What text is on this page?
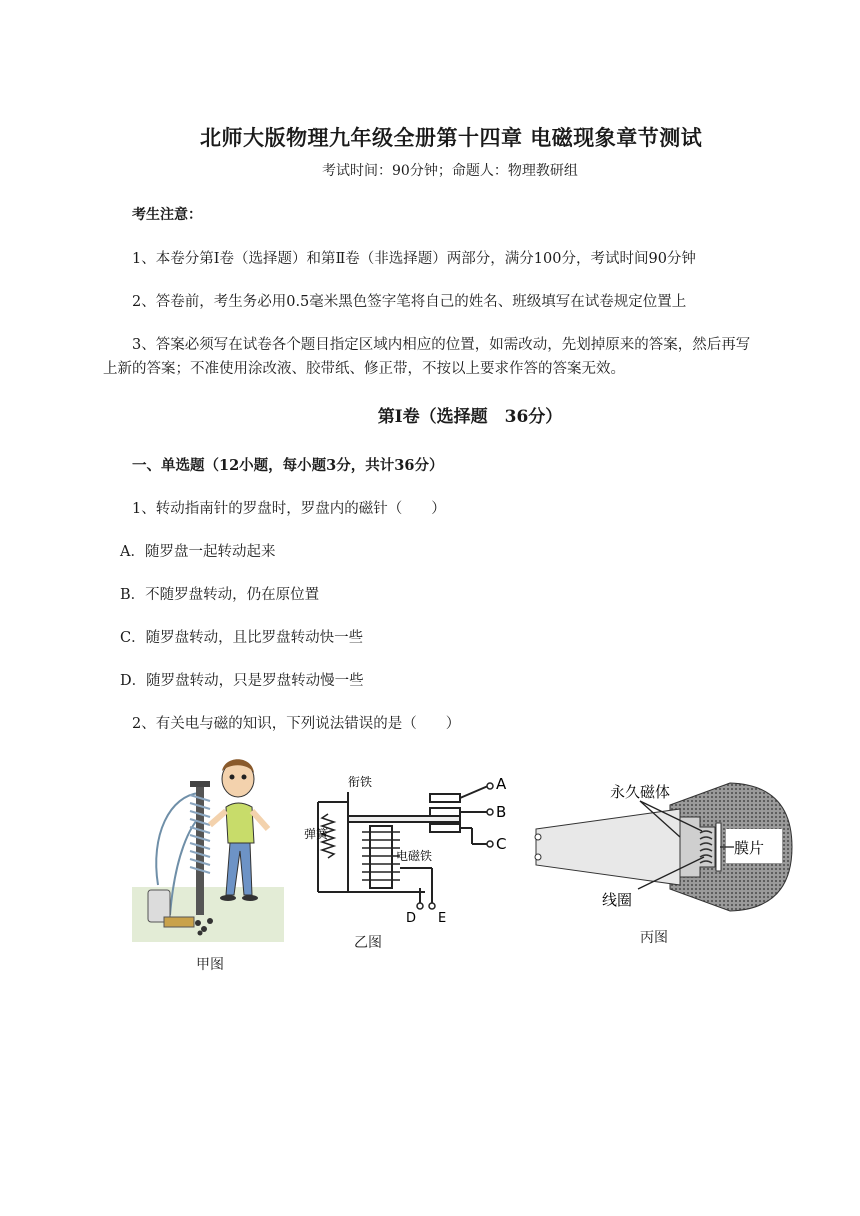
北师大版物理九年级全册第十四章 电磁现象章节测试
考试时间：90分钟；命题人：物理教研组
考生注意：
1、本卷分第Ⅰ卷（选择题）和第Ⅱ卷（非选择题）两部分，满分100分，考试时间90分钟
2、答卷前，考生务必用0.5毫米黑色签字笔将自己的姓名、班级填写在试卷规定位置上
3、答案必须写在试卷各个题目指定区域内相应的位置，如需改动，先划掉原来的答案，然后再写
上新的答案；不准使用涂改液、胶带纸、修正带，不按以上要求作答的答案无效。
第Ⅰ卷（选择题　36分）
一、单选题（12小题，每小题3分，共计36分）
1、转动指南针的罗盘时，罗盘内的磁针（　　）
A．随罗盘一起转动起来
B．不随罗盘转动，仍在原位置
C．随罗盘转动，且比罗盘转动快一些
D．随罗盘转动，只是罗盘转动慢一些
2、有关电与磁的知识，下列说法错误的是（　　）
甲图
衔铁
弹簧
电磁铁
A
B
C
D E
乙图
永久磁体
膜片
线圈
丙图
